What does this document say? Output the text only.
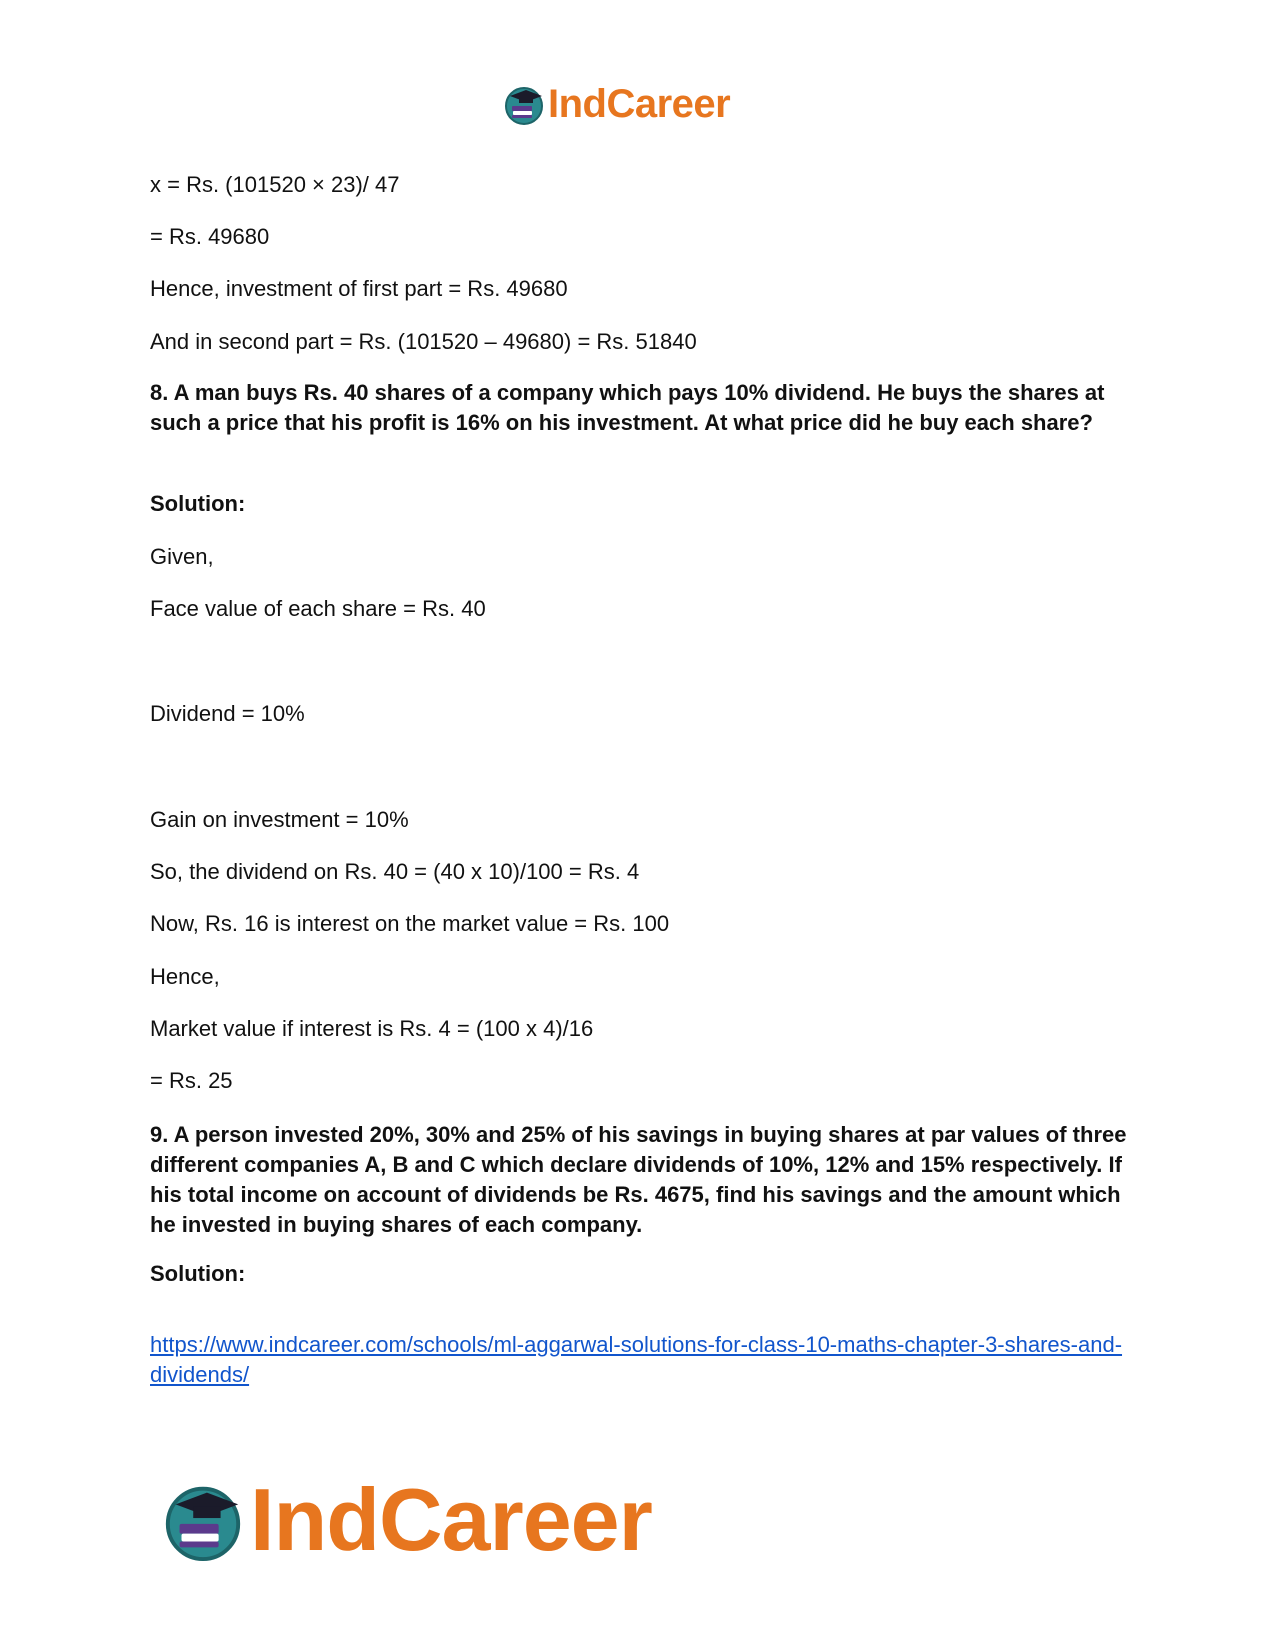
IndCareer
x = Rs. (101520 × 23)/ 47
= Rs. 49680
Hence, investment of first part = Rs. 49680
And in second part = Rs. (101520 – 49680) = Rs. 51840
8. A man buys Rs. 40 shares of a company which pays 10% dividend. He buys the shares at such a price that his profit is 16% on his investment. At what price did he buy each share?
Solution:
Given,
Face value of each share = Rs. 40
Dividend = 10%
Gain on investment = 10%
So, the dividend on Rs. 40 = (40 x 10)/100 = Rs. 4
Now, Rs. 16 is interest on the market value = Rs. 100
Hence,
Market value if interest is Rs. 4 = (100 x 4)/16
= Rs. 25
9. A person invested 20%, 30% and 25% of his savings in buying shares at par values of three different companies A, B and C which declare dividends of 10%, 12% and 15% respectively. If his total income on account of dividends be Rs. 4675, find his savings and the amount which he invested in buying shares of each company.
Solution:
https://www.indcareer.com/schools/ml-aggarwal-solutions-for-class-10-maths-chapter-3-shares-and-dividends/
IndCareer
